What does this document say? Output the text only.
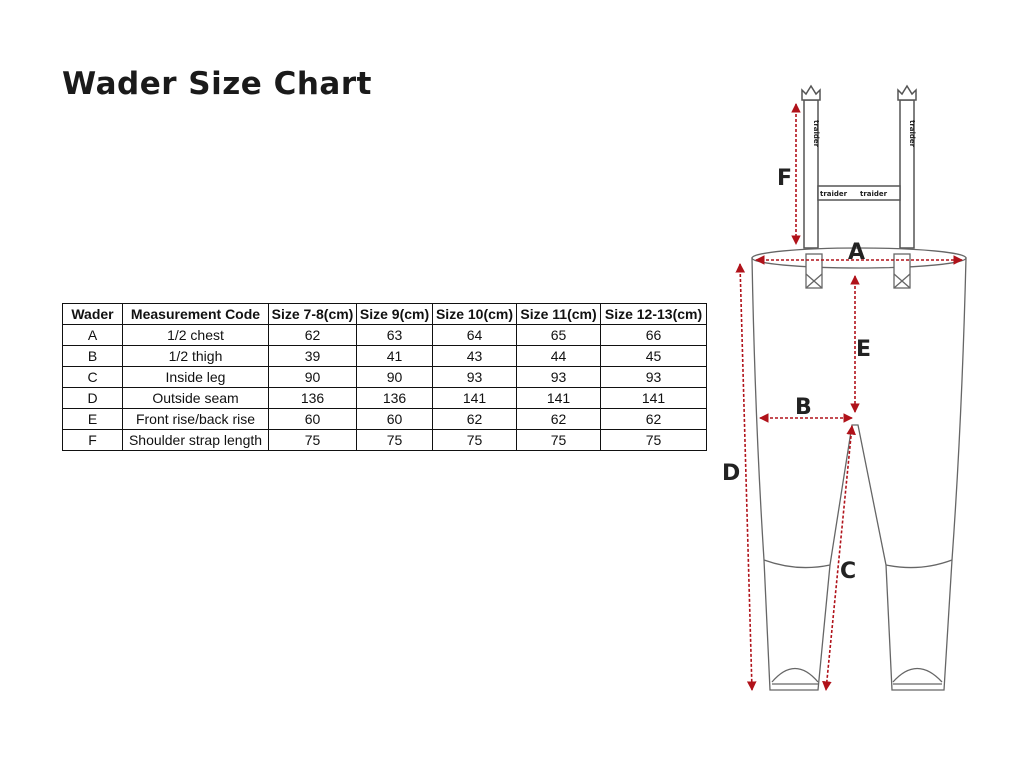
Wader Size Chart
Wader	Measurement Code	Size 7-8(cm)	Size 9(cm)	Size 10(cm)	Size 11(cm)	Size 12-13(cm)
A	1/2 chest	62	63	64	65	66
B	1/2 thigh	39	41	43	44	45
C	Inside leg	90	90	93	93	93
D	Outside seam	136	136	141	141	141
E	Front rise/back rise	60	60	62	62	62
F	Shoulder strap length	75	75	75	75	75
traider	traider
traider traider
F
A
E
B
D
C
